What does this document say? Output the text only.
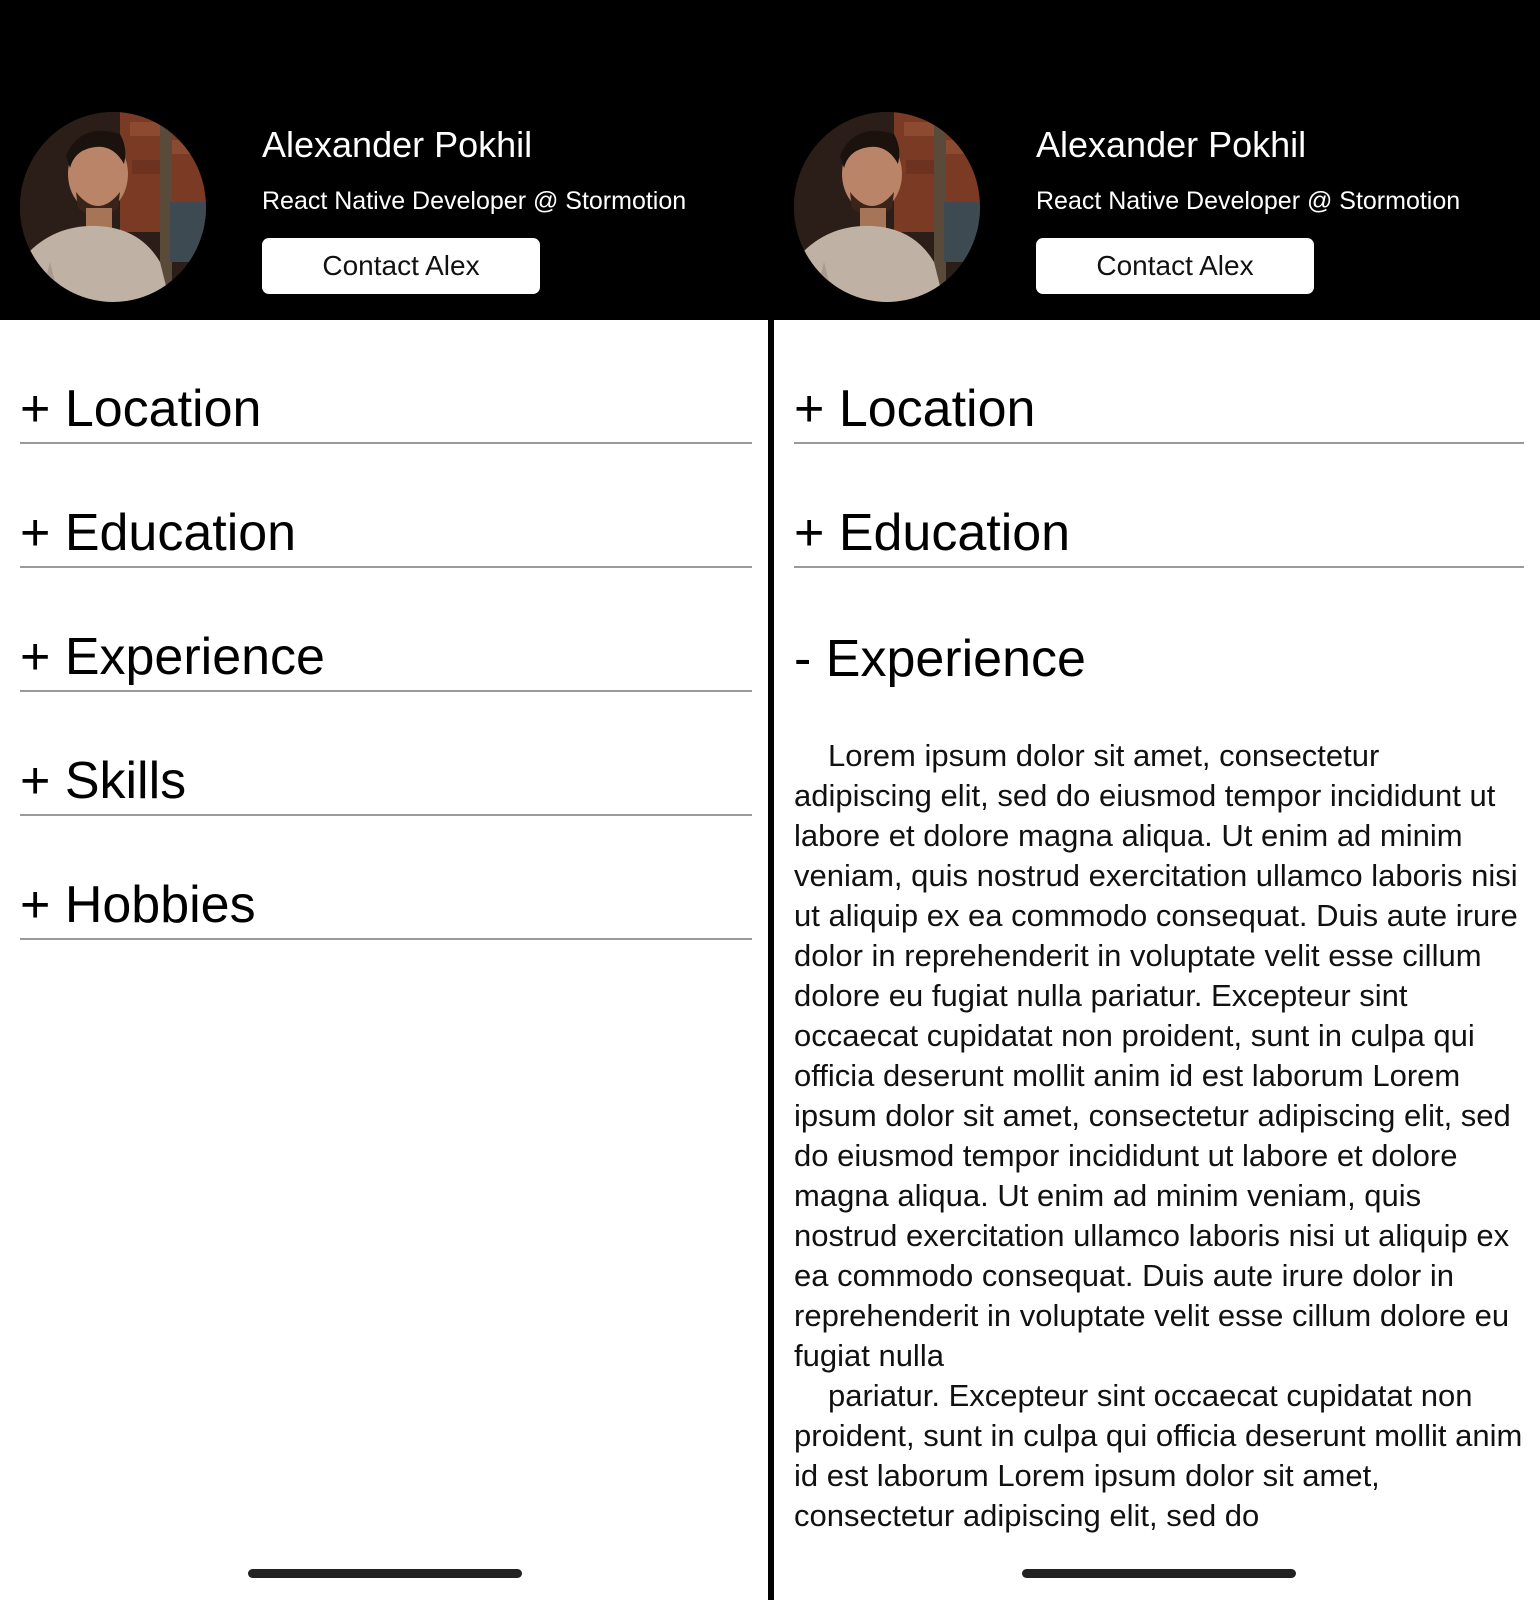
Alexander Pokhil
React Native Developer @ Stormotion
Contact Alex
+ Location
+ Education
+ Experience
+ Skills
+ Hobbies
Alexander Pokhil
React Native Developer @ Stormotion
Contact Alex
+ Location
+ Education
- Experience

Lorem ipsum dolor sit amet, consectetur adipiscing elit, sed do eiusmod tempor incididunt ut labore et dolore magna aliqua. Ut enim ad minim veniam, quis nostrud exercitation ullamco laboris nisi ut aliquip ex ea commodo consequat. Duis aute irure dolor in reprehenderit in voluptate velit esse cillum dolore eu fugiat nulla pariatur. Excepteur sint occaecat cupidatat non proident, sunt in culpa qui officia deserunt mollit anim id est laborum Lorem ipsum dolor sit amet, consectetur adipiscing elit, sed do eiusmod tempor incididunt ut labore et dolore magna aliqua. Ut enim ad minim veniam, quis nostrud exercitation ullamco laboris nisi ut aliquip ex ea commodo consequat. Duis aute irure dolor in reprehenderit in voluptate velit esse cillum dolore eu fugiat nulla

pariatur. Excepteur sint occaecat cupidatat non proident, sunt in culpa qui officia deserunt mollit anim id est laborum Lorem ipsum dolor sit amet, consectetur adipiscing elit, sed do
